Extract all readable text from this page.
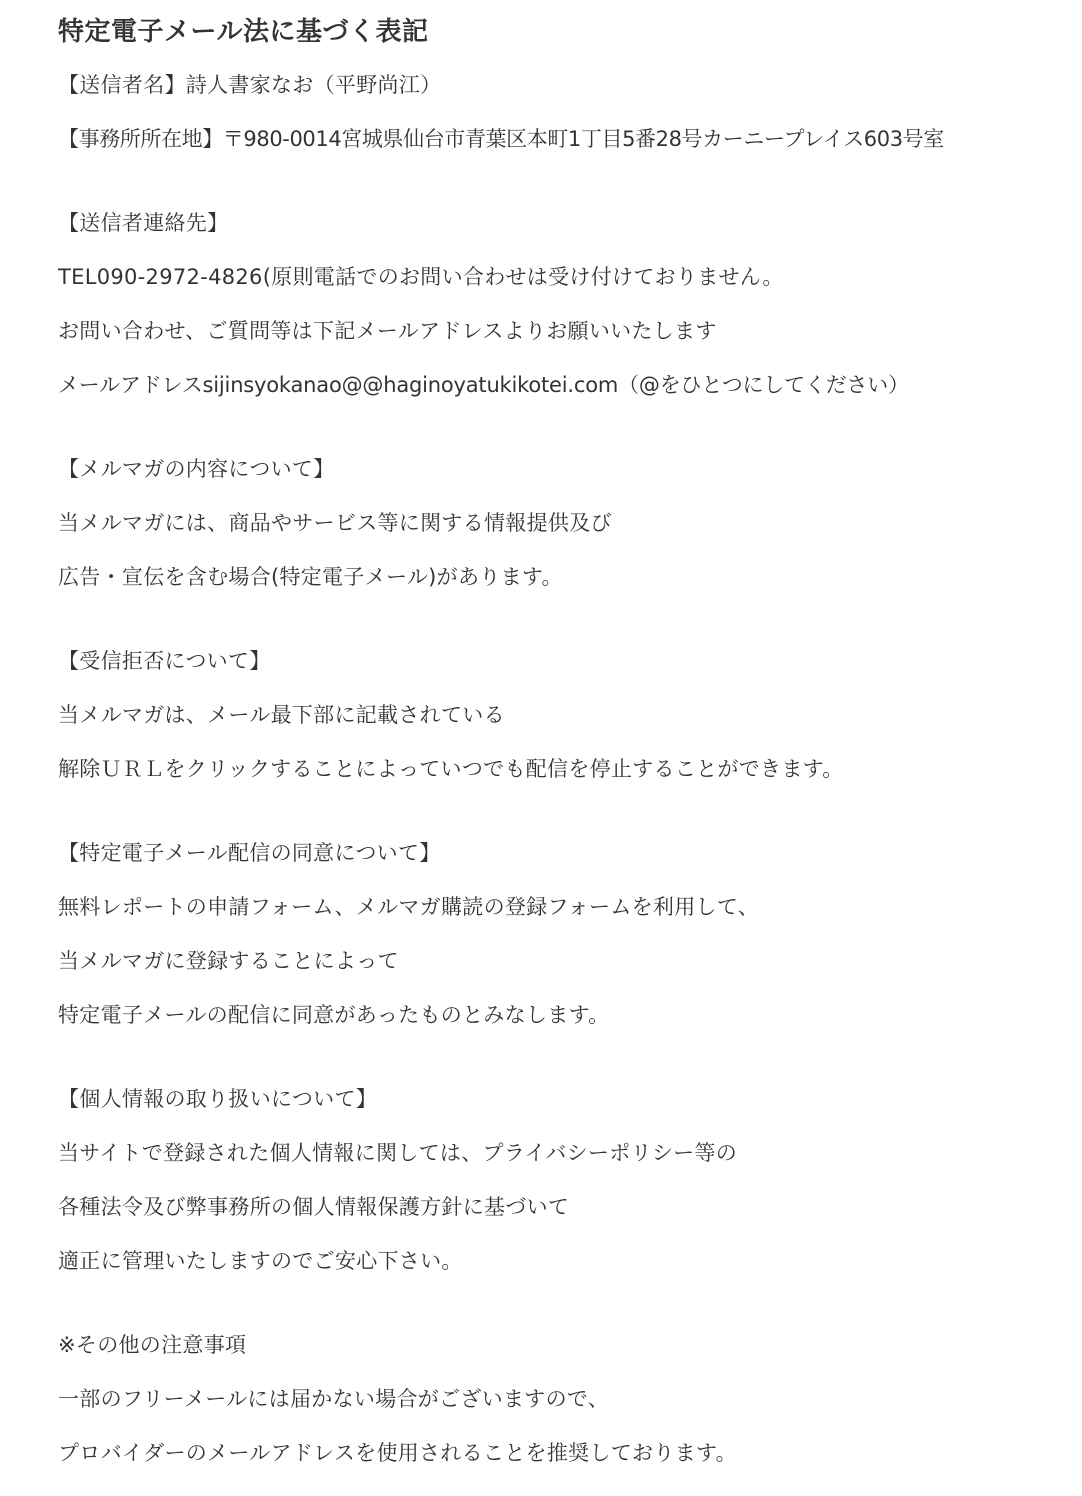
特定電子メール法に基づく表記
【送信者名】詩人書家なお（平野尚江）
【事務所所在地】〒980-0014宮城県仙台市青葉区本町1丁目5番28号カーニープレイス603号室
【送信者連絡先】
TEL090-2972-4826(原則電話でのお問い合わせは受け付けておりません。
お問い合わせ、ご質問等は下記メールアドレスよりお願いいたします
メールアドレスsijinsyokanao@@haginoyatukikotei.com（@をひとつにしてください）
【メルマガの内容について】
当メルマガには、商品やサービス等に関する情報提供及び
広告・宣伝を含む場合(特定電子メール)があります。
【受信拒否について】
当メルマガは、メール最下部に記載されている
解除ＵＲＬをクリックすることによっていつでも配信を停止することができます。
【特定電子メール配信の同意について】
無料レポートの申請フォーム、メルマガ購読の登録フォームを利用して、
当メルマガに登録することによって
特定電子メールの配信に同意があったものとみなします。
【個人情報の取り扱いについて】
当サイトで登録された個人情報に関しては、プライバシーポリシー等の
各種法令及び弊事務所の個人情報保護方針に基づいて
適正に管理いたしますのでご安心下さい。
※その他の注意事項
一部のフリーメールには届かない場合がございますので、
プロバイダーのメールアドレスを使用されることを推奨しております。
